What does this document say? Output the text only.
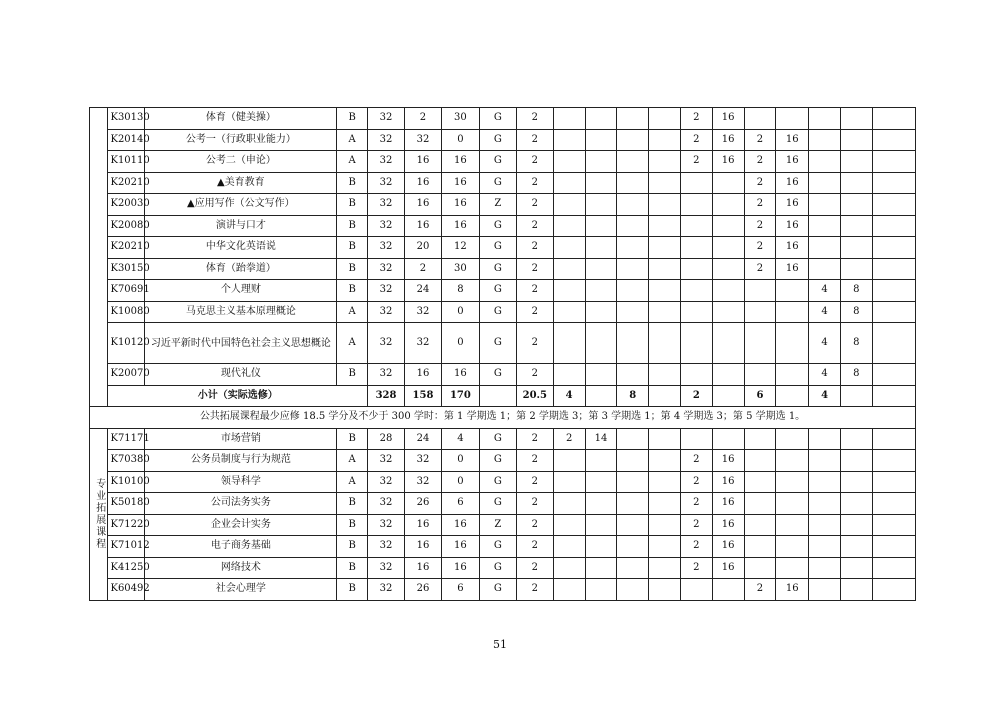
	K30130	体育（健美操）	B	32	2	30	G	2					2	16					
	K20140	公考一（行政职业能力）	A	32	32	0	G	2					2	16	2	16			
	K10110	公考二（申论）	A	32	16	16	G	2					2	16	2	16			
	K20210	▲美育教育	B	32	16	16	G	2							2	16			
	K20030	▲应用写作（公文写作）	B	32	16	16	Z	2							2	16			
	K20080	演讲与口才	B	32	16	16	G	2							2	16			
	K20210	中华文化英语说	B	32	20	12	G	2							2	16			
	K30150	体育（跆拳道）	B	32	2	30	G	2							2	16			
	K70691	个人理财	B	32	24	8	G	2									4	8	
	K10080	马克思主义基本原理概论	A	32	32	0	G	2									4	8	
	K10120	习近平新时代中国特色社会主义思想概论	A	32	32	0	G	2									4	8	
	K20070	现代礼仪	B	32	16	16	G	2									4	8	
	小计（实际选修）			328	158	170		20.5	4		8		2		6		4		
公共拓展课程最少应修 18.5 学分及不少于 300 学时：第 1 学期选 1；第 2 学期选 3；第 3 学期选 1；第 4 学期选 3；第 5 学期选 1。																			
专业拓展课程	K71171	市场营销	B	28	24	4	G	2	2	14									
	K70380	公务员制度与行为规范	A	32	32	0	G	2					2	16					
	K10100	领导科学	A	32	32	0	G	2					2	16					
	K50180	公司法务实务	B	32	26	6	G	2					2	16					
	K71220	企业会计实务	B	32	16	16	Z	2					2	16					
	K71012	电子商务基础	B	32	16	16	G	2					2	16					
	K41250	网络技术	B	32	16	16	G	2					2	16					
	K60492	社会心理学	B	32	26	6	G	2							2	16			
51
